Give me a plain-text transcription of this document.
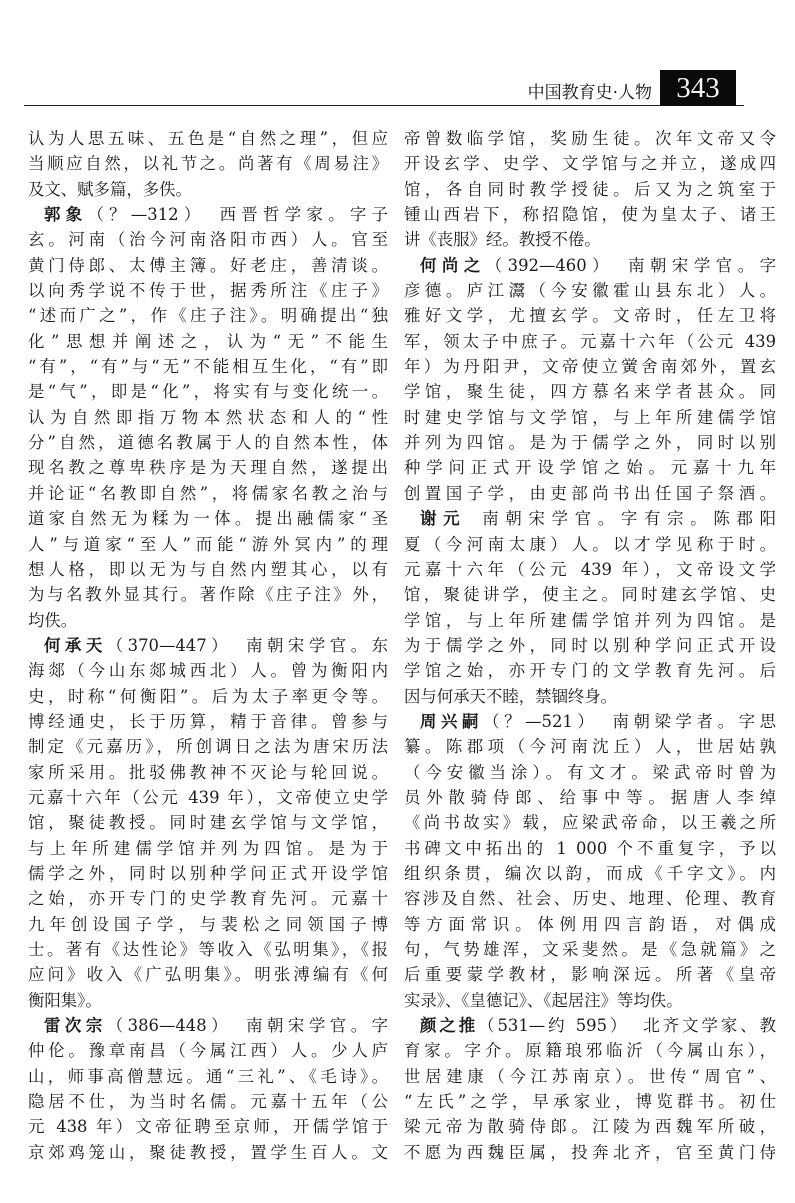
中国教育史·人物 343
认为人思五味、五色是“自然之理”，但应
当顺应自然，以礼节之。尚著有《周易注》
及文、赋多篇，多佚。
郭象（？—312） 西晋哲学家。字子
玄。河南（治今河南洛阳市西）人。官至
黄门侍郎、太傅主簿。好老庄，善清谈。
以向秀学说不传于世，据秀所注《庄子》
“述而广之”，作《庄子注》。明确提出“独
化”思想并阐述之，认为“无”不能生
“有”，“有”与“无”不能相互生化，“有”即
是“气”，即是“化”，将实有与变化统一。
认为自然即指万物本然状态和人的“性
分”自然，道德名教属于人的自然本性，体
现名教之尊卑秩序是为天理自然，遂提出
并论证“名教即自然”，将儒家名教之治与
道家自然无为糅为一体。提出融儒家“圣
人”与道家“至人”而能“游外冥内”的理
想人格，即以无为与自然内塑其心，以有
为与名教外显其行。著作除《庄子注》外，
均佚。
何承天（370—447） 南朝宋学官。东
海郯（今山东郯城西北）人。曾为衡阳内
史，时称“何衡阳”。后为太子率更令等。
博经通史，长于历算，精于音律。曾参与
制定《元嘉历》，所创调日之法为唐宋历法
家所采用。批驳佛教神不灭论与轮回说。
元嘉十六年（公元 439 年），文帝使立史学
馆，聚徒教授。同时建玄学馆与文学馆，
与上年所建儒学馆并列为四馆。是为于
儒学之外，同时以别种学问正式开设学馆
之始，亦开专门的史学教育先河。元嘉十
九年创设国子学，与裴松之同领国子博
士。著有《达性论》等收入《弘明集》，《报
应问》收入《广弘明集》。明张溥编有《何
衡阳集》。
雷次宗（386—448） 南朝宋学官。字
仲伦。豫章南昌（今属江西）人。少人庐
山，师事高僧慧远。通“三礼”、《毛诗》。
隐居不仕，为当时名儒。元嘉十五年（公
元 438 年）文帝征聘至京师，开儒学馆于
京郊鸡笼山，聚徒教授，置学生百人。文
帝曾数临学馆，奖励生徒。次年文帝又令
开设玄学、史学、文学馆与之并立，遂成四
馆，各自同时教学授徒。后又为之筑室于
锺山西岩下，称招隐馆，使为皇太子、诸王
讲《丧服》经。教授不倦。
何尚之（392—460） 南朝宋学官。字
彦德。庐江灊（今安徽霍山县东北）人。
雅好文学，尤擅玄学。文帝时，任左卫将
军，领太子中庶子。元嘉十六年（公元 439
年）为丹阳尹，文帝使立黉舍南郊外，置玄
学馆，聚生徒，四方慕名来学者甚众。同
时建史学馆与文学馆，与上年所建儒学馆
并列为四馆。是为于儒学之外，同时以别
种学问正式开设学馆之始。元嘉十九年
创置国子学，由吏部尚书出任国子祭酒。
谢元 南朝宋学官。字有宗。陈郡阳
夏（今河南太康）人。以才学见称于时。
元嘉十六年（公元 439 年），文帝设文学
馆，聚徒讲学，使主之。同时建玄学馆、史
学馆，与上年所建儒学馆并列为四馆。是
为于儒学之外，同时以别种学问正式开设
学馆之始，亦开专门的文学教育先河。后
因与何承天不睦，禁锢终身。
周兴嗣（？—521） 南朝梁学者。字思
纂。陈郡项（今河南沈丘）人，世居姑孰
（今安徽当涂）。有文才。梁武帝时曾为
员外散骑侍郎、给事中等。据唐人李绰
《尚书故实》载，应梁武帝命，以王羲之所
书碑文中拓出的 1 000 个不重复字，予以
组织条贯，编次以韵，而成《千字文》。内
容涉及自然、社会、历史、地理、伦理、教育
等方面常识。体例用四言韵语，对偶成
句，气势雄浑，文采斐然。是《急就篇》之
后重要蒙学教材，影响深远。所著《皇帝
实录》、《皇德记》、《起居注》等均佚。
颜之推（531—约 595） 北齐文学家、教
育家。字介。原籍琅邪临沂（今属山东），
世居建康（今江苏南京）。世传“周官”、
“左氏”之学，早承家业，博览群书。初仕
梁元帝为散骑侍郎。江陵为西魏军所破，
不愿为西魏臣属，投奔北齐，官至黄门侍
